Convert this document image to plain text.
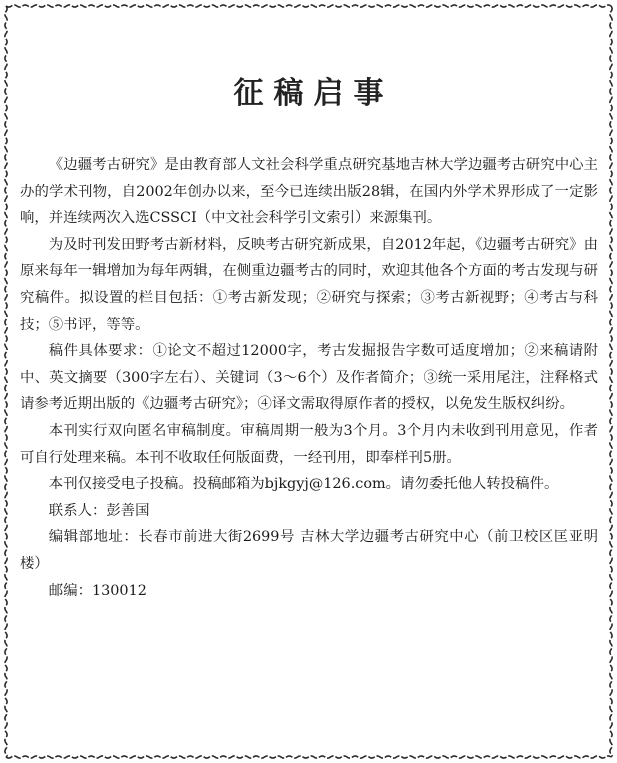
征稿启事

《边疆考古研究》是由教育部人文社会科学重点研究基地吉林大学边疆考古研究中心主办的学术刊物，自2002年创办以来，至今已连续出版28辑，在国内外学术界形成了一定影响，并连续两次入选CSSCI（中文社会科学引文索引）来源集刊。

为及时刊发田野考古新材料，反映考古研究新成果，自2012年起，《边疆考古研究》由原来每年一辑增加为每年两辑，在侧重边疆考古的同时，欢迎其他各个方面的考古发现与研究稿件。拟设置的栏目包括：①考古新发现；②研究与探索；③考古新视野；④考古与科技；⑤书评，等等。

稿件具体要求：①论文不超过12000字，考古发掘报告字数可适度增加；②来稿请附中、英文摘要（300字左右）、关键词（3～6个）及作者简介；③统一采用尾注，注释格式请参考近期出版的《边疆考古研究》；④译文需取得原作者的授权，以免发生版权纠纷。

本刊实行双向匿名审稿制度。审稿周期一般为3个月。3个月内未收到刊用意见，作者可自行处理来稿。本刊不收取任何版面费，一经刊用，即奉样刊5册。

本刊仅接受电子投稿。投稿邮箱为bjkgyj@126.com。请勿委托他人转投稿件。

联系人：彭善国

编辑部地址：长春市前进大街2699号 吉林大学边疆考古研究中心（前卫校区匡亚明楼）

邮编：130012
